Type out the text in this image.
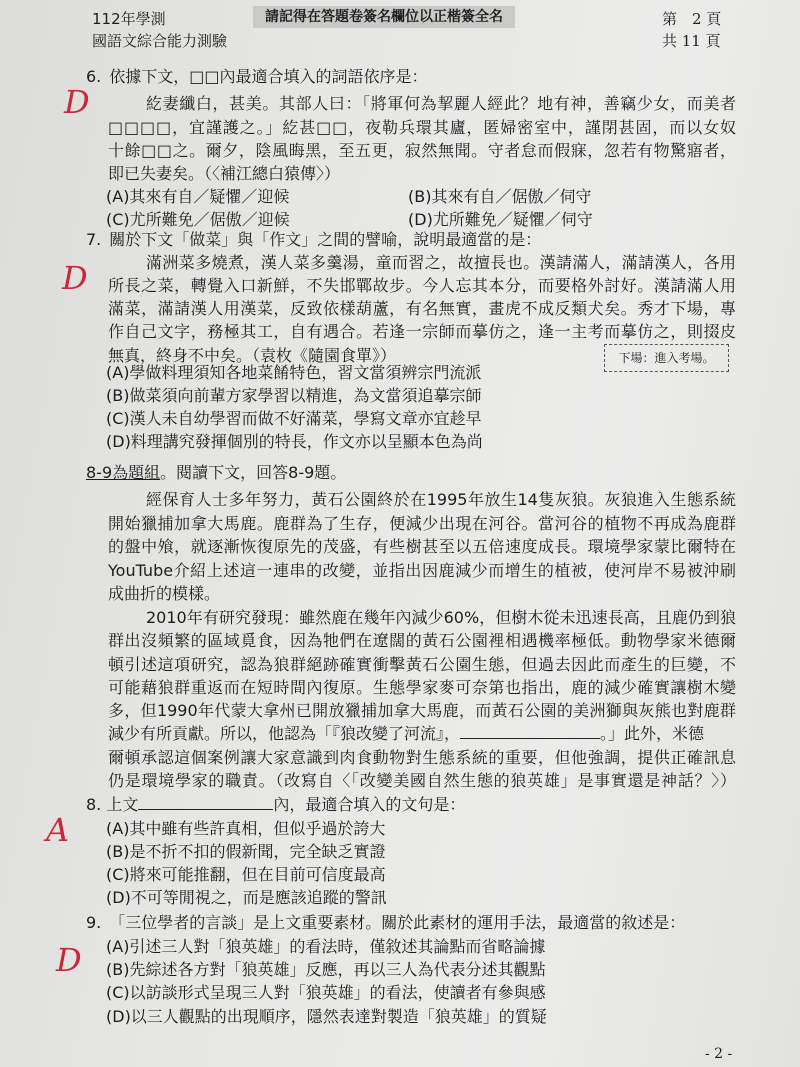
112年學測
國語文綜合能力測驗
請記得在答題卷簽名欄位以正楷簽全名	第　2 頁
共 11 頁
6. 依據下文，□□內最適合填入的詞語依序是：
紇妻纖白，甚美。其部人曰：「將軍何為挈麗人經此？地有神，善竊少女，而美者
□□□□，宜謹護之。」紇甚□□，夜勒兵環其廬，匿婦密室中，謹閉甚固，而以女奴
十餘□□之。爾夕，陰風晦黑，至五更，寂然無聞。守者怠而假寐，忽若有物驚寤者，
即已失妻矣。（〈補江總白猿傳〉）
(A)其來有自／疑懼／迎候	(B)其來有自／倨傲／伺守
(C)尤所難免／倨傲／迎候	(D)尤所難免／疑懼／伺守
7. 關於下文「做菜」與「作文」之間的譬喻，說明最適當的是：
滿洲菜多燒煮，漢人菜多羹湯，童而習之，故擅長也。漢請滿人，滿請漢人，各用
所長之菜，轉覺入口新鮮，不失邯鄲故步。今人忘其本分，而要格外討好。漢請滿人用
滿菜，滿請漢人用漢菜，反致依樣葫蘆，有名無實，畫虎不成反類犬矣。秀才下場，專
作自己文字，務極其工，自有遇合。若逢一宗師而摹仿之，逢一主考而摹仿之，則掇皮
無真，終身不中矣。（袁枚《隨園食單》）
(A)學做料理須知各地菜餚特色，習文當須辨宗門流派
(B)做菜須向前輩方家學習以精進，為文當須追摹宗師
(C)漢人未自幼學習而做不好滿菜，學寫文章亦宜趁早
(D)料理講究發揮個別的特長，作文亦以呈顯本色為尚
經保育人士多年努力，黃石公園終於在1995年放生14隻灰狼。灰狼進入生態系統
開始獵捕加拿大馬鹿。鹿群為了生存，便減少出現在河谷。當河谷的植物不再成為鹿群
的盤中飧，就逐漸恢復原先的茂盛，有些樹甚至以五倍速度成長。環境學家蒙比爾特在
YouTube介紹上述這一連串的改變，並指出因鹿減少而增生的植被，使河岸不易被沖刷
成曲折的模樣。
2010年有研究發現：雖然鹿在幾年內減少60%，但樹木從未迅速長高，且鹿仍到狼
群出沒頻繁的區域覓食，因為牠們在遼闊的黃石公園裡相遇機率極低。動物學家米德爾
頓引述這項研究，認為狼群絕跡確實衝擊黃石公園生態，但過去因此而產生的巨變，不
可能藉狼群重返而在短時間內復原。生態學家麥可奈第也指出，鹿的減少確實讓樹木變
多，但1990年代蒙大拿州已開放獵捕加拿大馬鹿，而黃石公園的美洲獅與灰熊也對鹿群
減少有所貢獻。所以，他認為「『狼改變了河流』，	。」此外，米德
爾頓承認這個案例讓大家意識到肉食動物對生態系統的重要，但他強調，提供正確訊息
仍是環境學家的職責。（改寫自〈「改變美國自然生態的狼英雄」是事實還是神話？〉）
(A)其中雖有些許真相，但似乎過於誇大
(B)是不折不扣的假新聞，完全缺乏實證
(C)將來可能推翻，但在目前可信度最高
(D)不可等閒視之，而是應該追蹤的警訊
9. 「三位學者的言談」是上文重要素材。關於此素材的運用手法，最適當的敘述是：
(A)引述三人對「狼英雄」的看法時，僅敘述其論點而省略論據
(B)先綜述各方對「狼英雄」反應，再以三人為代表分述其觀點
(C)以訪談形式呈現三人對「狼英雄」的看法，使讀者有參與感
(D)以三人觀點的出現順序，隱然表達對製造「狼英雄」的質疑
下場：進入考場。
8-9為題組。閱讀下文，回答8-9題。
8. 上文	內，最適合填入的文句是：
D
D
A
D
- 2 -
